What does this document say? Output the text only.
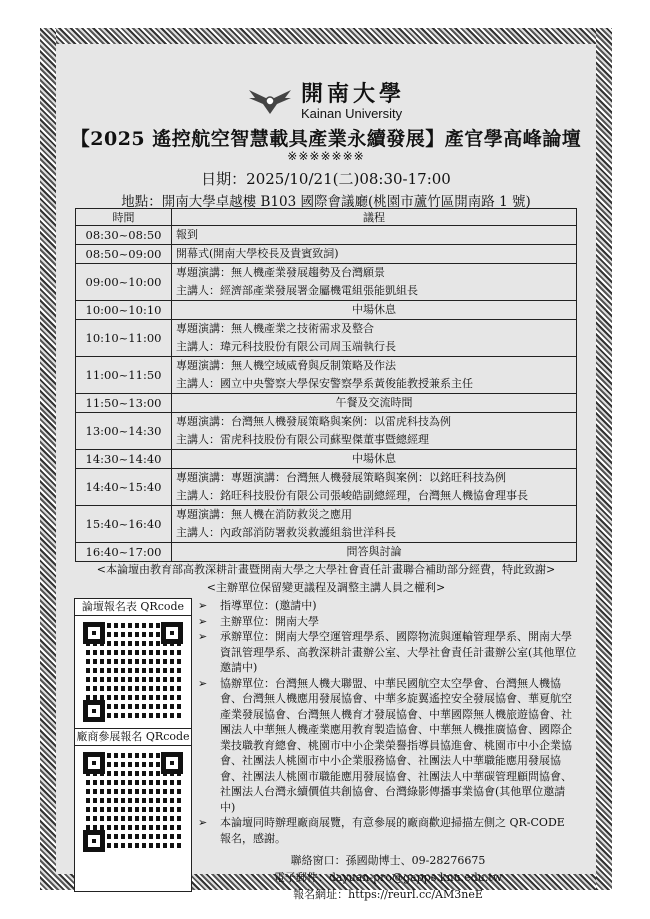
開南大學
Kainan University
【2025 遙控航空智慧載具產業永續發展】產官學高峰論壇
※※※※※※※
日期：2025/10/21(二)08:30-17:00
地點：開南大學卓越樓 B103 國際會議廳(桃園市蘆竹區開南路 1 號)
時間	議程
08:30~08:50	報到

08:50~09:00	開幕式(開南大學校長及貴賓致詞)

09:00~10:00	專題演講：無人機產業發展趨勢及台灣願景
主講人：經濟部產業發展署金屬機電組張能凱組長

10:00~10:10	中場休息

10:10~11:00	專題演講：無人機產業之技術需求及整合
主講人：瑋元科技股份有限公司周玉端執行長

11:00~11:50	專題演講：無人機空域威脅與反制策略及作法
主講人：國立中央警察大學保安警察學系黃俊能教授兼系主任

11:50~13:00	午餐及交流時間

13:00~14:30	專題演講：台灣無人機發展策略與案例：以雷虎科技為例
主講人：雷虎科技股份有限公司蘇聖傑董事暨總經理

14:30~14:40	中場休息

14:40~15:40	專題演講：專題演講：台灣無人機發展策略與案例：以銘旺科技為例
主講人：銘旺科技股份有限公司張峻皓副總經理，台灣無人機協會理事長

15:40~16:40	專題演講：無人機在消防救災之應用
主講人：內政部消防署救災救護組翁世洋科長

16:40~17:00	問答與討論
<本論壇由教育部高教深耕計畫暨開南大學之大學社會責任計畫聯合補助部分經費，特此致謝>
<主辦單位保留變更議程及調整主講人員之權利>
論壇報名表 QRcode
廠商參展報名 QRcode
➢ 指導單位：(邀請中)
➢ 主辦單位：開南大學
➢ 承辦單位：開南大學空運管理學系、國際物流與運輸管理學系、開南大學資訊管理學系、高教深耕計畫辦公室、大學社會責任計畫辦公室(其他單位邀請中)
➢ 協辦單位：台灣無人機大聯盟、中華民國航空太空學會、台灣無人機協會、台灣無人機應用發展協會、中華多旋翼遙控安全發展協會、華夏航空產業發展協會、台灣無人機育才發展協會、中華國際無人機旅遊協會、社團法人中華無人機產業應用教育製造協會、中華無人機推廣協會、國際企業技職教育總會、桃園市中小企業榮譽指導員協進會、桃園市中小企業協會、社團法人桃園市中小企業服務協會、社團法人中華職能應用發展協會、社團法人桃園市職能應用發展協會、社團法人中華碳管理顧問協會、社團法人台灣永續價值共創協會、台灣綠影傳播事業協會(其他單位邀請中)
➢ 本論壇同時辦理廠商展覽，有意參展的廠商歡迎掃描左側之 QR-CODE 報名，感謝。
聯絡窗口：孫國勛博士、09-28276675
電子郵件：dayuan-pro@gapps.knu.edu.tw
報名網址：https://reurl.cc/AM3neE
